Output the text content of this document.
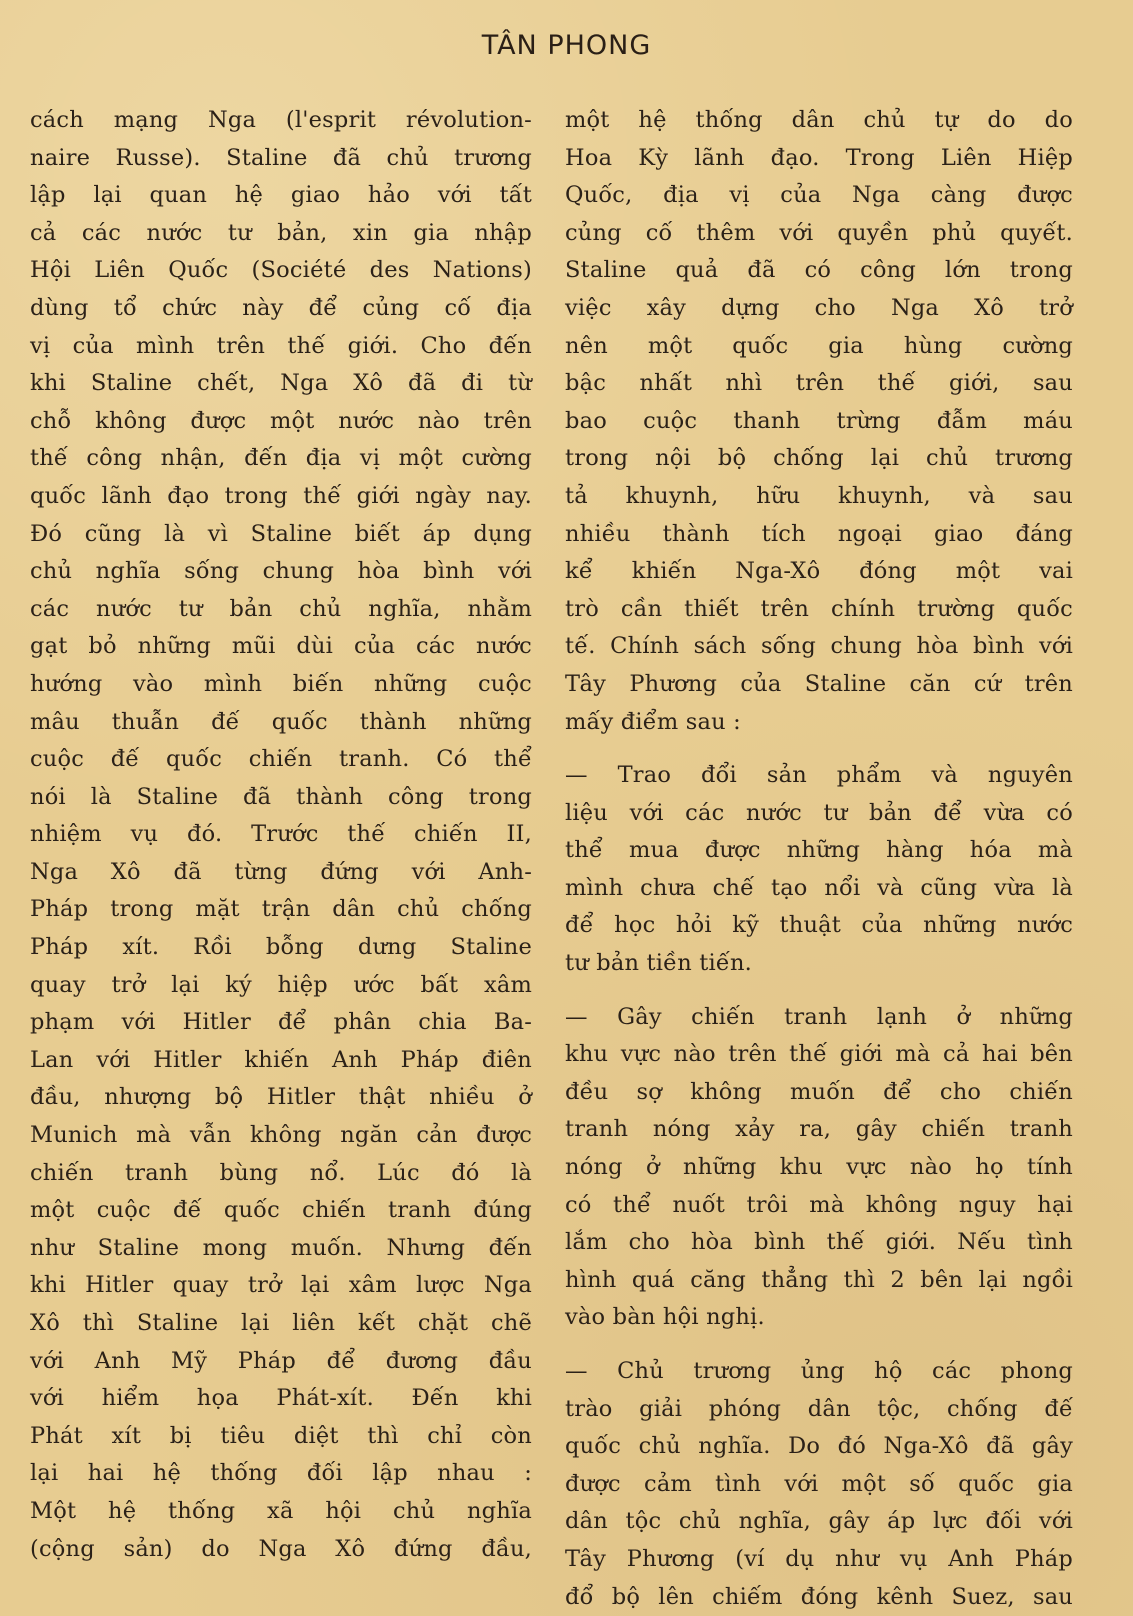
TÂN PHONG
cách mạng Nga (l'esprit révolution-
naire Russe). Staline đã chủ trương
lập lại quan hệ giao hảo với tất
cả các nước tư bản, xin gia nhập
Hội Liên Quốc (Société des Nations)
dùng tổ chức này để củng cố địa
vị của mình trên thế giới. Cho đến
khi Staline chết, Nga Xô đã đi từ
chỗ không được một nước nào trên
thế công nhận, đến địa vị một cường
quốc lãnh đạo trong thế giới ngày nay.
Đó cũng là vì Staline biết áp dụng
chủ nghĩa sống chung hòa bình với
các nước tư bản chủ nghĩa, nhằm
gạt bỏ những mũi dùi của các nước
hướng vào mình biến những cuộc
mâu thuẫn đế quốc thành những
cuộc đế quốc chiến tranh. Có thể
nói là Staline đã thành công trong
nhiệm vụ đó. Trước thế chiến II,
Nga Xô đã từng đứng với Anh-
Pháp trong mặt trận dân chủ chống
Pháp xít. Rồi bỗng dưng Staline
quay trở lại ký hiệp ước bất xâm
phạm với Hitler để phân chia Ba-
Lan với Hitler khiến Anh Pháp điên
đầu, nhượng bộ Hitler thật nhiều ở
Munich mà vẫn không ngăn cản được
chiến tranh bùng nổ. Lúc đó là
một cuộc đế quốc chiến tranh đúng
như Staline mong muốn. Nhưng đến
khi Hitler quay trở lại xâm lược Nga
Xô thì Staline lại liên kết chặt chẽ
với Anh Mỹ Pháp để đương đầu
với hiểm họa Phát-xít. Đến khi
Phát xít bị tiêu diệt thì chỉ còn
lại hai hệ thống đối lập nhau :
Một hệ thống xã hội chủ nghĩa
(cộng sản) do Nga Xô đứng đầu,
một hệ thống dân chủ tự do do
Hoa Kỳ lãnh đạo. Trong Liên Hiệp
Quốc, địa vị của Nga càng được
củng cố thêm với quyền phủ quyết.
Staline quả đã có công lớn trong
việc xây dựng cho Nga Xô trở
nên một quốc gia hùng cường
bậc nhất nhì trên thế giới, sau
bao cuộc thanh trừng đẫm máu
trong nội bộ chống lại chủ trương
tả khuynh, hữu khuynh, và sau
nhiều thành tích ngoại giao đáng
kể khiến Nga-Xô đóng một vai
trò cần thiết trên chính trường quốc
tế. Chính sách sống chung hòa bình với
Tây Phương của Staline căn cứ trên
mấy điểm sau :
— Trao đổi sản phẩm và nguyên
liệu với các nước tư bản để vừa có
thể mua được những hàng hóa mà
mình chưa chế tạo nổi và cũng vừa là
để học hỏi kỹ thuật của những nước
tư bản tiền tiến.
— Gây chiến tranh lạnh ở những
khu vực nào trên thế giới mà cả hai bên
đều sợ không muốn để cho chiến
tranh nóng xảy ra, gây chiến tranh
nóng ở những khu vực nào họ tính
có thể nuốt trôi mà không nguy hại
lắm cho hòa bình thế giới. Nếu tình
hình quá căng thẳng thì 2 bên lại ngồi
vào bàn hội nghị.
— Chủ trương ủng hộ các phong
trào giải phóng dân tộc, chống đế
quốc chủ nghĩa. Do đó Nga-Xô đã gây
được cảm tình với một số quốc gia
dân tộc chủ nghĩa, gây áp lực đối với
Tây Phương (ví dụ như vụ Anh Pháp
đổ bộ lên chiếm đóng kênh Suez, sau
